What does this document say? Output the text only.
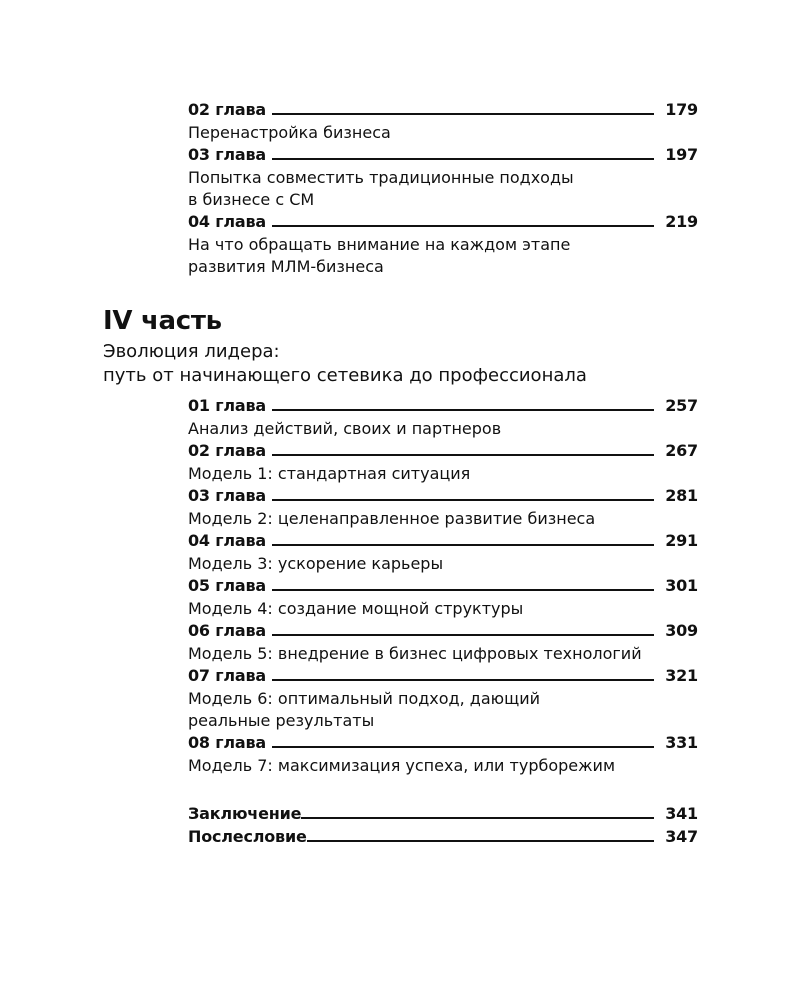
02 глава	179
Перенастройка бизнеса
03 глава	197
Попытка совместить традиционные подходы
в бизнесе с СМ
04 глава	219
На что обращать внимание на каждом этапе
развития МЛМ-бизнеса
IV часть
Эволюция лидера:
путь от начинающего сетевика до профессионала
01 глава	257
Анализ действий, своих и партнеров
02 глава	267
Модель 1: стандартная ситуация
03 глава	281
Модель 2: целенаправленное развитие бизнеса
04 глава	291
Модель 3: ускорение карьеры
05 глава	301
Модель 4: создание мощной структуры
06 глава	309
Модель 5: внедрение в бизнес цифровых технологий
07 глава	321
Модель 6: оптимальный подход, дающий
реальные результаты
08 глава	331
Модель 7: максимизация успеха, или турборежим
Заключение	341
Послесловие	347
